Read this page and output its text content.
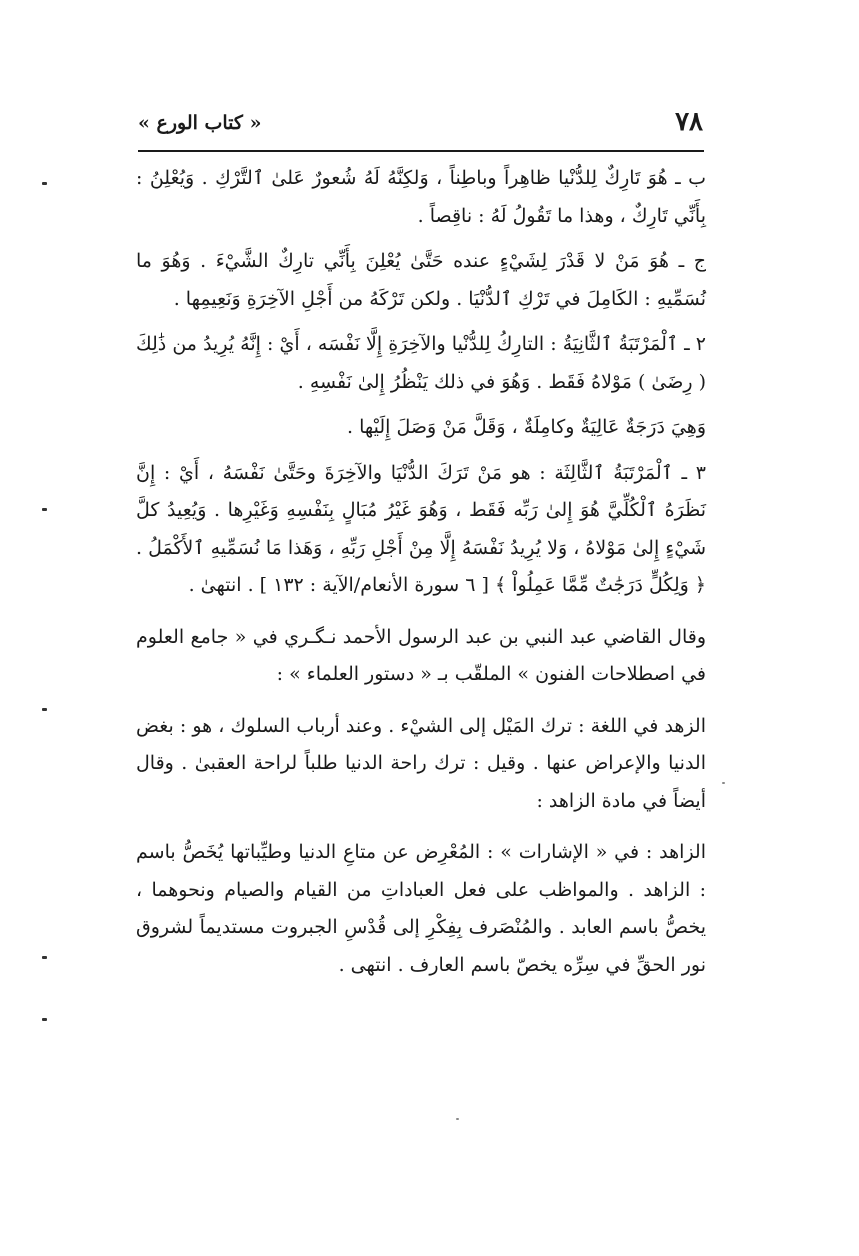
٧٨
« كتاب الورع »

ب ـ هُوَ تَارِكٌ لِلدُّنْيا ظاهِراً وباطِناً ، وَلكِنَّهُ لَهُ شُعورٌ عَلىٰ ٱلتَّرْكِ . وَيُعْلِنُ : بِأَنِّي تَارِكٌ ، وهذا ما تَقُولُ لَهُ : ناقِصاً .

ج ـ هُوَ مَنْ لا قَدْرَ لِشَيْءٍ عنده حَتَّىٰ يُعْلِنَ بِأَنِّي تارِكٌ الشَّيْءَ . وَهُوَ ما نُسَمِّيهِ : الكَامِلَ في تَرْكِ ٱلدُّنْيَا . ولكن تَرْكَهُ من أَجْلِ الآخِرَةِ وَنَعِيمِها .

٢ ـ ٱلْمَرْتَبَةُ ٱلثَّانِيَةُ : التارِكُ لِلدُّنْيا والآخِرَةِ إِلَّا نَفْسَه ، أَيْ : إِنَّهُ يُرِيدُ من ذَٰلِكَ ( رِضَىٰ ) مَوْلاهُ فَقَط . وَهُوَ في ذلك يَنْظُرُ إِلىٰ نَفْسِهِ .

وَهِيَ دَرَجَةٌ عَالِيَةٌ وكامِلَةٌ ، وَقَلَّ مَنْ وَصَلَ إِلَيْها .

٣ ـ ٱلْمَرْتَبَةُ ٱلثَّالِثَة : هو مَنْ تَرَكَ الدُّنْيَا والآخِرَةَ وحَتَّىٰ نَفْسَهُ ، أَيْ : إِنَّ نَظَرَهُ ٱلْكُلِّيَّ هُوَ إِلىٰ رَبِّه فَقَط ، وَهُوَ غَيْرُ مُبَالٍ بِنَفْسِهِ وَغَيْرِها . وَيُعِيدُ كلَّ شَيْءٍ إِلىٰ مَوْلاهُ ، وَلا يُرِيدُ نَفْسَهُ إِلَّا مِنْ أَجْلِ رَبِّهِ ، وَهَذا مَا نُسَمِّيهِ ٱلأَكْمَلُ . ﴿ وَلِكُلٍّ دَرَجَٰتٌ مِّمَّا عَمِلُواْ ﴾ [ ٦ سورة الأنعام/الآية : ١٣٢ ] . انتهىٰ .

وقال القاضي عبد النبي بن عبد الرسول الأحمد نـگـري في « جامع العلوم في اصطلاحات الفنون » الملقّب بـ « دستور العلماء » :

الزهد في اللغة : ترك المَيْل إلى الشيْء . وعند أرباب السلوك ، هو : بغض الدنيا والإعراض عنها . وقيل : ترك راحة الدنيا طلباً لراحة العقبىٰ . وقال أيضاً في مادة الزاهد :

الزاهد : في « الإشارات » : المُعْرِض عن متاعِ الدنيا وطيِّباتها يُخَصُّ باسم : الزاهد . والمواظب على فعل العباداتِ من القيام والصيام ونحوهما ، يخصُّ باسم العابد . والمُنْصَرف بِفِكْرِ إلى قُدْسِ الجبروت مستديماً لشروق نور الحقِّ في سِرِّه يخصّ باسم العارف . انتهى .
